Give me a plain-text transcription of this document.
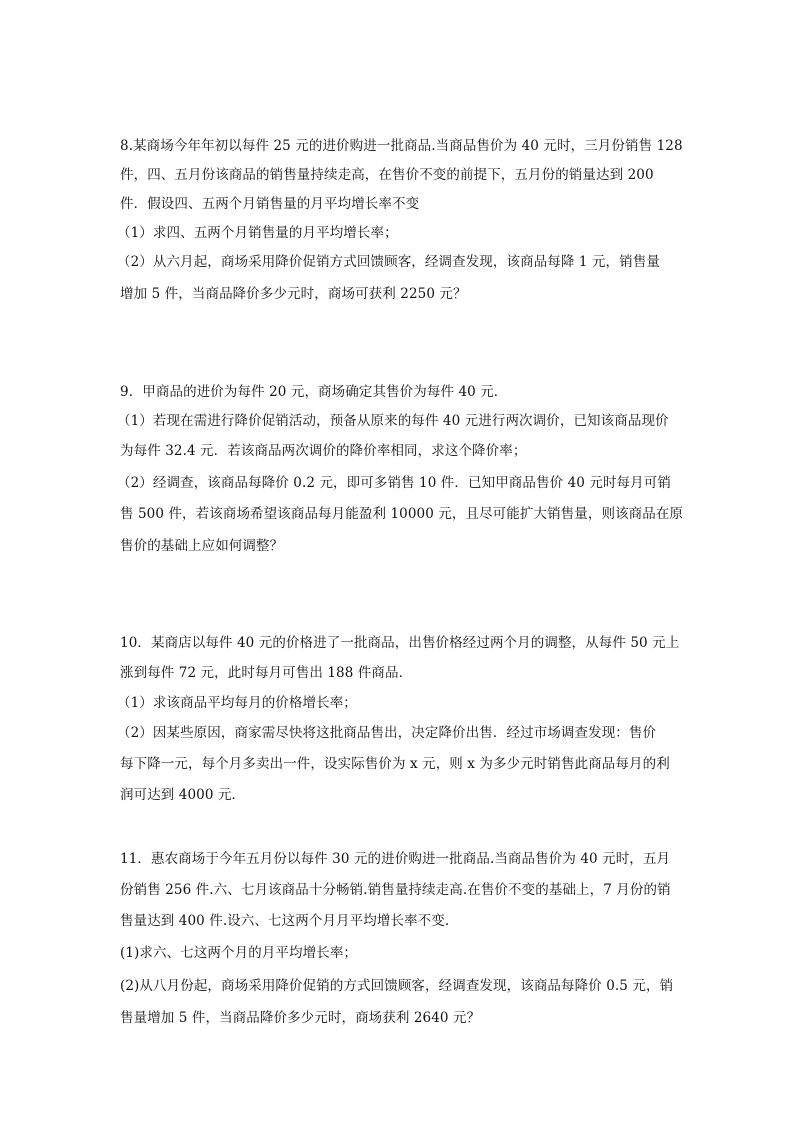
8.某商场今年年初以每件 25 元的进价购进一批商品.当商品售价为 40 元时，三月份销售 128
件，四、五月份该商品的销售量持续走高，在售价不变的前提下，五月份的销量达到 200
件．假设四、五两个月销售量的月平均增长率不变
（1）求四、五两个月销售量的月平均增长率；
（2）从六月起，商场采用降价促销方式回馈顾客，经调查发现，该商品每降 1 元，销售量
增加 5 件，当商品降价多少元时，商场可获利 2250 元？
9．甲商品的进价为每件 20 元，商场确定其售价为每件 40 元．
（1）若现在需进行降价促销活动，预备从原来的每件 40 元进行两次调价，已知该商品现价
为每件 32.4 元．若该商品两次调价的降价率相同，求这个降价率；
（2）经调查，该商品每降价 0.2 元，即可多销售 10 件．已知甲商品售价 40 元时每月可销
售 500 件，若该商场希望该商品每月能盈利 10000 元，且尽可能扩大销售量，则该商品在原
售价的基础上应如何调整？
10．某商店以每件 40 元的价格进了一批商品，出售价格经过两个月的调整，从每件 50 元上
涨到每件 72 元，此时每月可售出 188 件商品．
（1）求该商品平均每月的价格增长率；
（2）因某些原因，商家需尽快将这批商品售出，决定降价出售．经过市场调查发现：售价
每下降一元，每个月多卖出一件，设实际售价为 x 元，则 x 为多少元时销售此商品每月的利
润可达到 4000 元．
11．惠农商场于今年五月份以每件 30 元的进价购进一批商品.当商品售价为 40 元时，五月
份销售 256 件.六、七月该商品十分畅销.销售量持续走高.在售价不变的基础上，7 月份的销
售量达到 400 件.设六、七这两个月月平均增长率不变.
(1)求六、七这两个月的月平均增长率；
(2)从八月份起，商场采用降价促销的方式回馈顾客，经调查发现，该商品每降价 0.5 元，销
售量增加 5 件，当商品降价多少元时，商场获利 2640 元？
